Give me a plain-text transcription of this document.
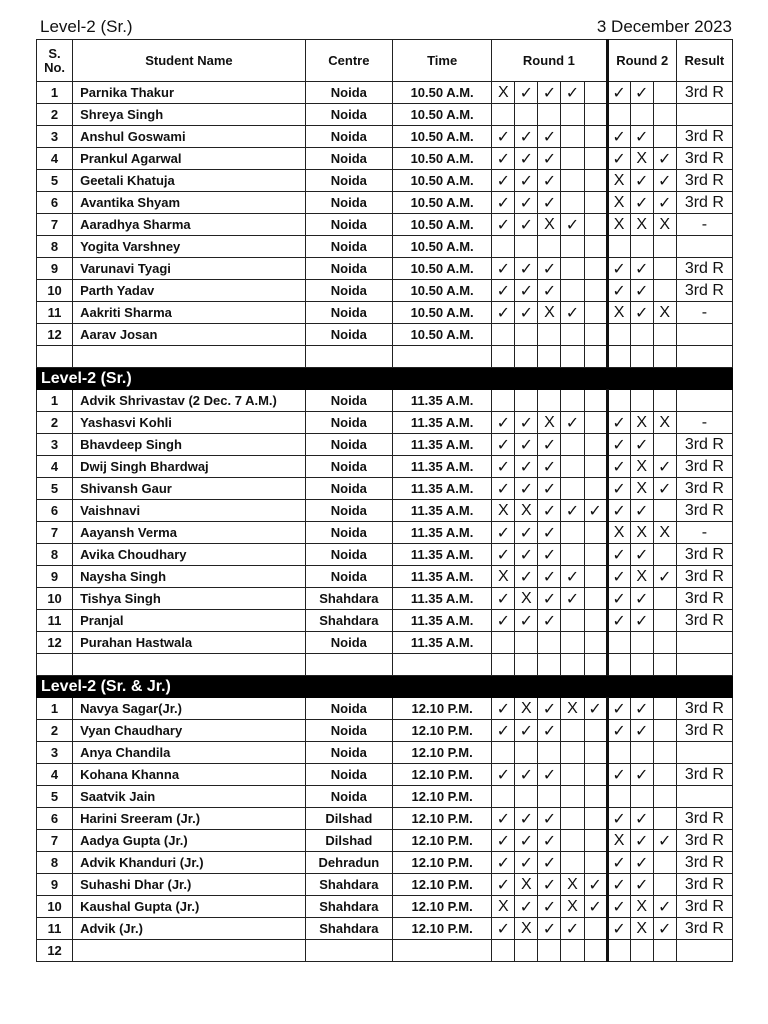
Level-2 (Sr.)	3 December 2023
S.
No.	Student Name	Centre	Time	Round 1					Round 2			Result
1	Parnika Thakur	Noida	10.50 A.M.	X	✓	✓	✓		✓	✓		3rd R
2	Shreya Singh	Noida	10.50 A.M.									
3	Anshul Goswami	Noida	10.50 A.M.	✓	✓	✓			✓	✓		3rd R
4	Prankul Agarwal	Noida	10.50 A.M.	✓	✓	✓			✓	X	✓	3rd R
5	Geetali Khatuja	Noida	10.50 A.M.	✓	✓	✓			X	✓	✓	3rd R
6	Avantika Shyam	Noida	10.50 A.M.	✓	✓	✓			X	✓	✓	3rd R
7	Aaradhya Sharma	Noida	10.50 A.M.	✓	✓	X	✓		X	X	X	-
8	Yogita Varshney	Noida	10.50 A.M.									
9	Varunavi Tyagi	Noida	10.50 A.M.	✓	✓	✓			✓	✓		3rd R
10	Parth Yadav	Noida	10.50 A.M.	✓	✓	✓			✓	✓		3rd R
11	Aakriti Sharma	Noida	10.50 A.M.	✓	✓	X	✓		X	✓	X	-
12	Aarav Josan	Noida	10.50 A.M.									

Level-2 (Sr.)												
1	Advik Shrivastav (2 Dec. 7 A.M.)	Noida	11.35 A.M.									
2	Yashasvi Kohli	Noida	11.35 A.M.	✓	✓	X	✓		✓	X	X	-
3	Bhavdeep Singh	Noida	11.35 A.M.	✓	✓	✓			✓	✓		3rd R
4	Dwij Singh Bhardwaj	Noida	11.35 A.M.	✓	✓	✓			✓	X	✓	3rd R
5	Shivansh Gaur	Noida	11.35 A.M.	✓	✓	✓			✓	X	✓	3rd R
6	Vaishnavi	Noida	11.35 A.M.	X	X	✓	✓	✓	✓	✓		3rd R
7	Aayansh Verma	Noida	11.35 A.M.	✓	✓	✓			X	X	X	-
8	Avika Choudhary	Noida	11.35 A.M.	✓	✓	✓			✓	✓		3rd R
9	Naysha Singh	Noida	11.35 A.M.	X	✓	✓	✓		✓	X	✓	3rd R
10	Tishya Singh	Shahdara	11.35 A.M.	✓	X	✓	✓		✓	✓		3rd R
11	Pranjal	Shahdara	11.35 A.M.	✓	✓	✓			✓	✓		3rd R
12	Purahan Hastwala	Noida	11.35 A.M.									

Level-2 (Sr. & Jr.)												
1	Navya Sagar(Jr.)	Noida	12.10 P.M.	✓	X	✓	X	✓	✓	✓		3rd R
2	Vyan Chaudhary	Noida	12.10 P.M.	✓	✓	✓			✓	✓		3rd R
3	Anya Chandila	Noida	12.10 P.M.									
4	Kohana Khanna	Noida	12.10 P.M.	✓	✓	✓			✓	✓		3rd R
5	Saatvik Jain	Noida	12.10 P.M.									
6	Harini Sreeram (Jr.)	Dilshad	12.10 P.M.	✓	✓	✓			✓	✓		3rd R
7	Aadya Gupta (Jr.)	Dilshad	12.10 P.M.	✓	✓	✓			X	✓	✓	3rd R
8	Advik Khanduri (Jr.)	Dehradun	12.10 P.M.	✓	✓	✓			✓	✓		3rd R
9	Suhashi Dhar (Jr.)	Shahdara	12.10 P.M.	✓	X	✓	X	✓	✓	✓		3rd R
10	Kaushal Gupta (Jr.)	Shahdara	12.10 P.M.	X	✓	✓	X	✓	✓	X	✓	3rd R
11	Advik (Jr.)	Shahdara	12.10 P.M.	✓	X	✓	✓		✓	X	✓	3rd R
12												
